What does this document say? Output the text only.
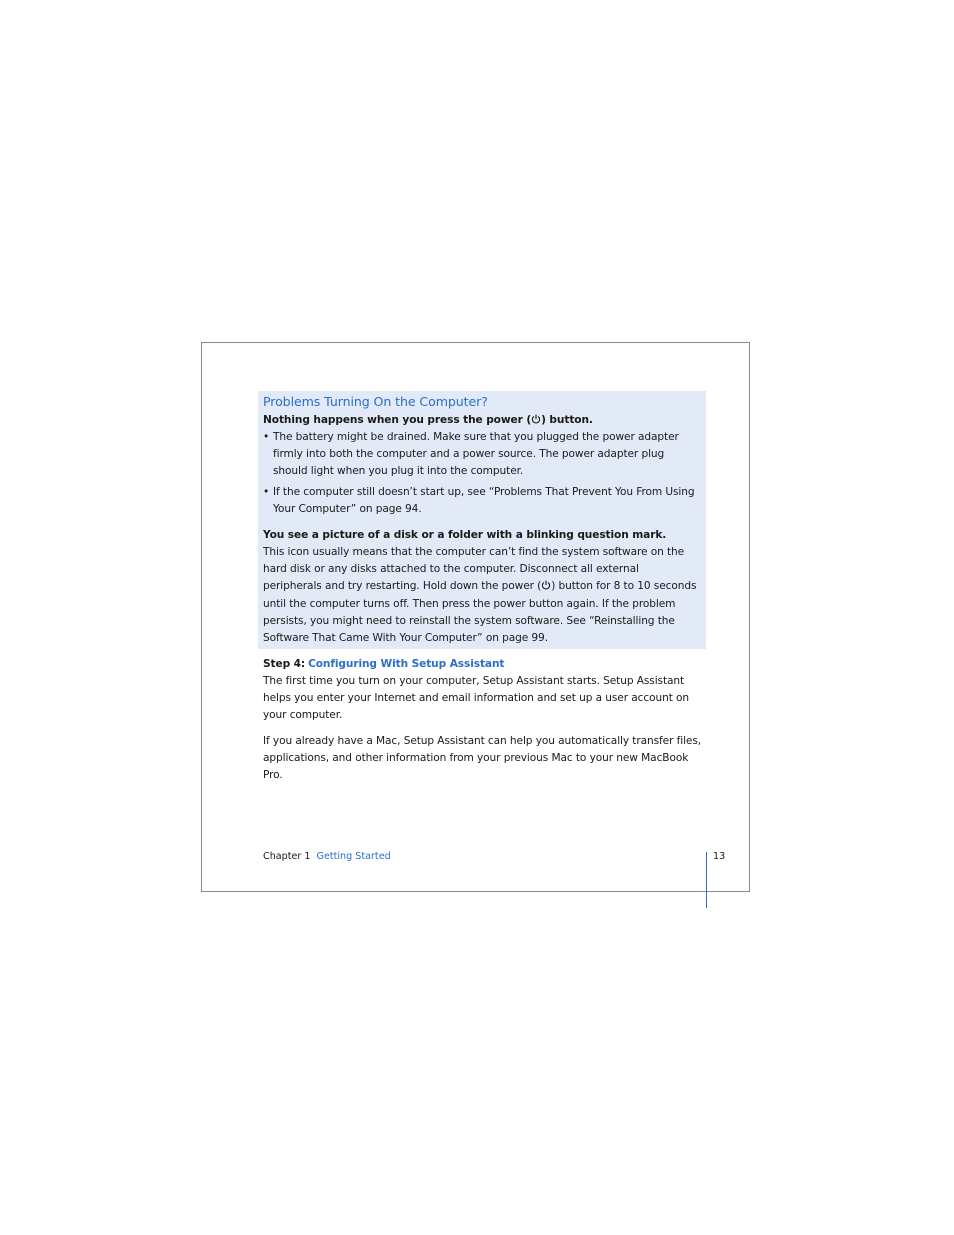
Problems Turning On the Computer?

Nothing happens when you press the power ( ) button.

• The battery might be drained. Make sure that you plugged the power adapter firmly into both the computer and a power source. The power adapter plug should light when you plug it into the computer.
• If the computer still doesn’t start up, see “Problems That Prevent You From Using Your Computer” on page 94.

You see a picture of a disk or a folder with a blinking question mark.

This icon usually means that the computer can’t find the system software on the hard disk or any disks attached to the computer. Disconnect all external peripherals and try restarting. Hold down the power ( ) button for 8 to 10 seconds until the computer turns off. Then press the power button again. If the problem persists, you might need to reinstall the system software. See “Reinstalling the Software That Came With Your Computer” on page 99.

Step 4: Configuring With Setup Assistant

The first time you turn on your computer, Setup Assistant starts. Setup Assistant helps you enter your Internet and email information and set up a user account on your computer.

If you already have a Mac, Setup Assistant can help you automatically transfer files, applications, and other information from your previous Mac to your new MacBook Pro.

Chapter 1 Getting Started	13
